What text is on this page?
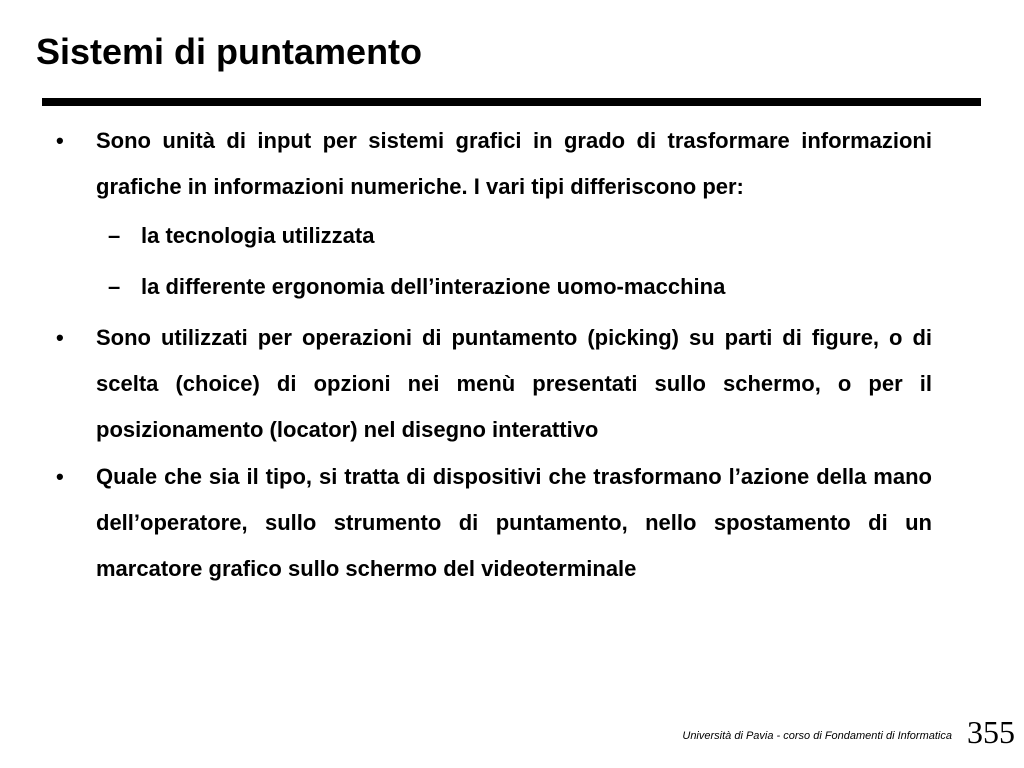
Sistemi di puntamento
• Sono unità di input per sistemi grafici in grado di trasformare informazioni grafiche in informazioni numeriche. I vari tipi differiscono per:
– la tecnologia utilizzata
– la differente ergonomia dell’interazione uomo-macchina
• Sono utilizzati per operazioni di puntamento (picking) su parti di figure, o di scelta (choice) di opzioni nei menù presentati sullo schermo, o per il posizionamento (locator) nel disegno interattivo
• Quale che sia il tipo, si tratta di dispositivi che trasformano l’azione della mano dell’operatore, sullo strumento di puntamento, nello spostamento di un marcatore grafico sullo schermo del videoterminale
Università di Pavia - corso di Fondamenti di Informatica 355
